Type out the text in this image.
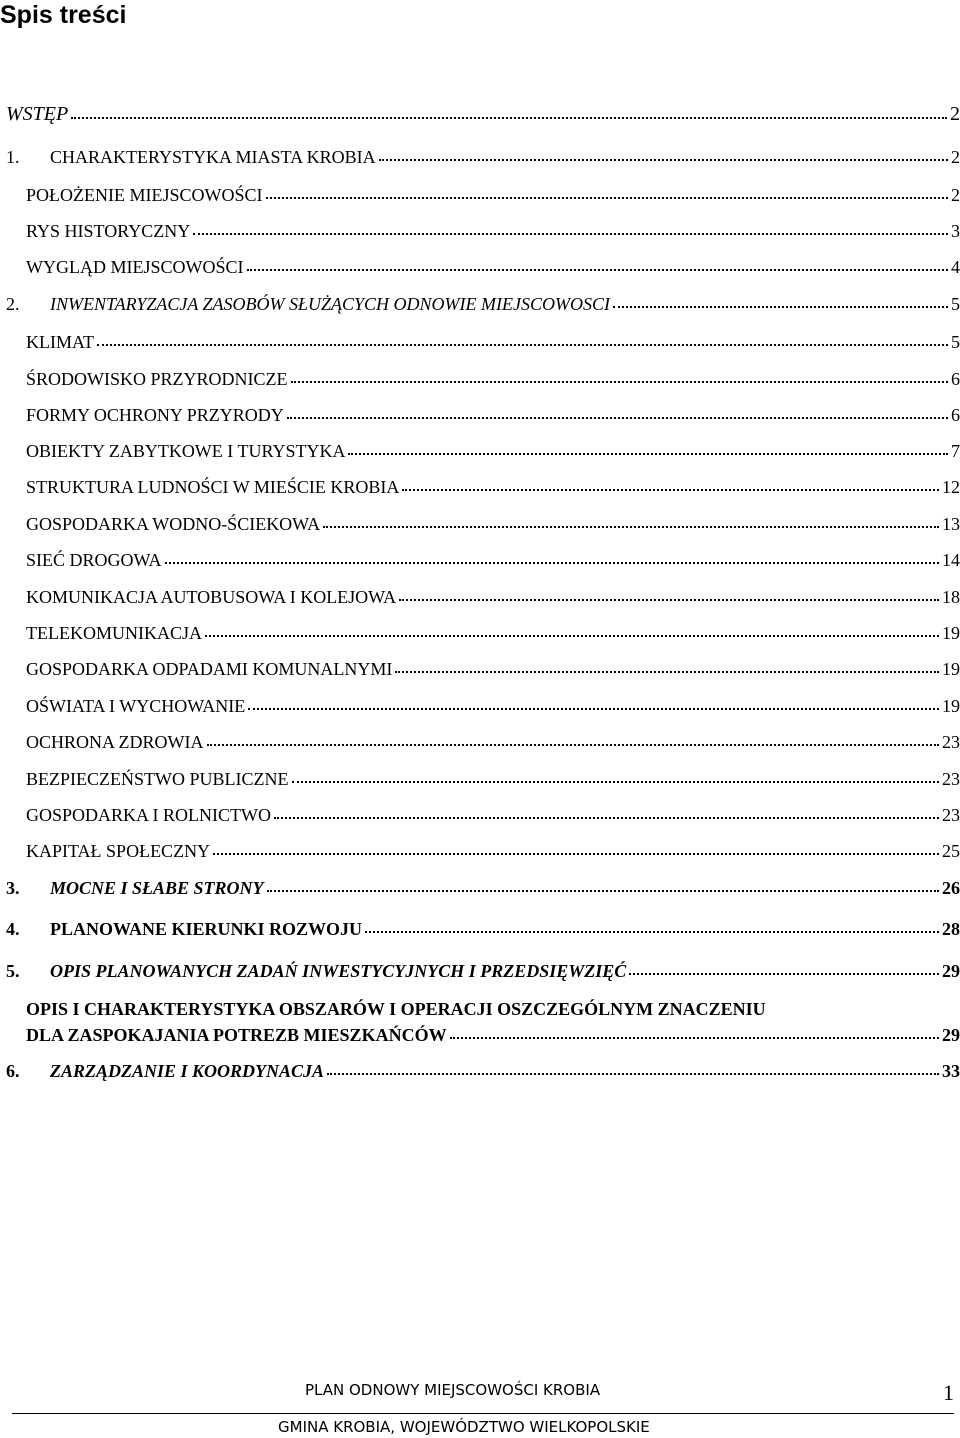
Spis treści
WSTĘP	2
1. CHARAKTERYSTYKA MIASTA KROBIA	2
POŁOŻENIE MIEJSCOWOŚCI	2
RYS HISTORYCZNY	3
WYGLĄD MIEJSCOWOŚCI	4
2. INWENTARYZACJA ZASOBÓW SŁUŻĄCYCH ODNOWIE MIEJSCOWOSCI	5
KLIMAT	5
ŚRODOWISKO PRZYRODNICZE	6
FORMY OCHRONY PRZYRODY	6
OBIEKTY ZABYTKOWE I TURYSTYKA	7
STRUKTURA LUDNOŚCI W MIEŚCIE KROBIA	12
GOSPODARKA WODNO-ŚCIEKOWA	13
SIEĆ DROGOWA	14
KOMUNIKACJA AUTOBUSOWA I KOLEJOWA	18
TELEKOMUNIKACJA	19
GOSPODARKA ODPADAMI KOMUNALNYMI	19
OŚWIATA I WYCHOWANIE	19
OCHRONA ZDROWIA	23
BEZPIECZEŃSTWO PUBLICZNE	23
GOSPODARKA I ROLNICTWO	23
KAPITAŁ SPOŁECZNY	25
3. MOCNE I SŁABE STRONY	26
4. PLANOWANE KIERUNKI ROZWOJU	28
5. OPIS PLANOWANYCH ZADAŃ INWESTYCYJNYCH I PRZEDSIĘWZIĘĆ	29
OPIS I CHARAKTERYSTYKA OBSZARÓW I OPERACJI OSZCZEGÓLNYM ZNACZENIU
DLA ZASPOKAJANIA POTREZB MIESZKAŃCÓW	29
6. ZARZĄDZANIE I KOORDYNACJA	33
PLAN ODNOWY MIEJSCOWOŚCI KROBIA	1
GMINA KROBIA, WOJEWÓDZTWO WIELKOPOLSKIE
